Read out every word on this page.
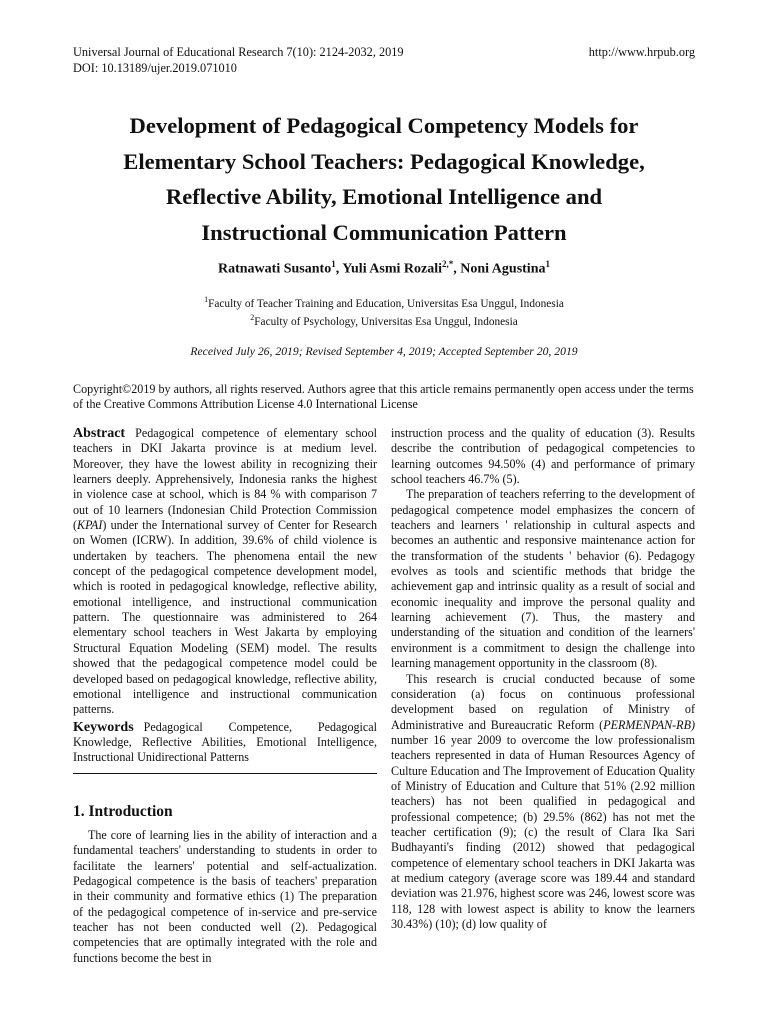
Universal Journal of Educational Research 7(10): 2124-2032, 2019
DOI: 10.13189/ujer.2019.071010
http://www.hrpub.org
Development of Pedagogical Competency Models for
Elementary School Teachers: Pedagogical Knowledge,
Reflective Ability, Emotional Intelligence and
Instructional Communication Pattern
Ratnawati Susanto$^1$, Yuli Asmi Rozali$^{2,*}$, Noni Agustina$^1$
$^1$Faculty of Teacher Training and Education, Universitas Esa Unggul, Indonesia
$^2$Faculty of Psychology, Universitas Esa Unggul, Indonesia
Received July 26, 2019; Revised September 4, 2019; Accepted September 20, 2019
Copyright©2019 by authors, all rights reserved. Authors agree that this article remains permanently open access under the terms of the Creative Commons Attribution License 4.0 International License

Abstract Pedagogical competence of elementary school teachers in DKI Jakarta province is at medium level. Moreover, they have the lowest ability in recognizing their learners deeply. Apprehensively, Indonesia ranks the highest in violence case at school, which is 84 % with comparison 7 out of 10 learners (Indonesian Child Protection Commission (KPAI) under the International survey of Center for Research on Women (ICRW). In addition, 39.6% of child violence is undertaken by teachers. The phenomena entail the new concept of the pedagogical competence development model, which is rooted in pedagogical knowledge, reflective ability, emotional intelligence, and instructional communication pattern. The questionnaire was administered to 264 elementary school teachers in West Jakarta by employing Structural Equation Modeling (SEM) model. The results showed that the pedagogical competence model could be developed based on pedagogical knowledge, reflective ability, emotional intelligence and instructional communication patterns.

Keywords Pedagogical Competence, Pedagogical Knowledge, Reflective Abilities, Emotional Intelligence, Instructional Unidirectional Patterns

1. Introduction

The core of learning lies in the ability of interaction and a fundamental teachers' understanding to students in order to facilitate the learners' potential and self-actualization. Pedagogical competence is the basis of teachers' preparation in their community and formative ethics (1) The preparation of the pedagogical competence of in-service and pre-service teacher has not been conducted well (2). Pedagogical competencies that are optimally integrated with the role and functions become the best in

instruction process and the quality of education (3). Results describe the contribution of pedagogical competencies to learning outcomes 94.50% (4) and performance of primary school teachers 46.7% (5).

The preparation of teachers referring to the development of pedagogical competence model emphasizes the concern of teachers and learners ' relationship in cultural aspects and becomes an authentic and responsive maintenance action for the transformation of the students ' behavior (6). Pedagogy evolves as tools and scientific methods that bridge the achievement gap and intrinsic quality as a result of social and economic inequality and improve the personal quality and learning achievement (7). Thus, the mastery and understanding of the situation and condition of the learners' environment is a commitment to design the challenge into learning management opportunity in the classroom (8).

This research is crucial conducted because of some consideration (a) focus on continuous professional development based on regulation of Ministry of Administrative and Bureaucratic Reform (PERMENPAN-RB) number 16 year 2009 to overcome the low professionalism teachers represented in data of Human Resources Agency of Culture Education and The Improvement of Education Quality of Ministry of Education and Culture that 51% (2.92 million teachers) has not been qualified in pedagogical and professional competence; (b) 29.5% (862) has not met the teacher certification (9); (c) the result of Clara Ika Sari Budhayanti's finding (2012) showed that pedagogical competence of elementary school teachers in DKI Jakarta was at medium category (average score was 189.44 and standard deviation was 21.976, highest score was 246, lowest score was 118, 128 with lowest aspect is ability to know the learners 30.43%) (10); (d) low quality of
